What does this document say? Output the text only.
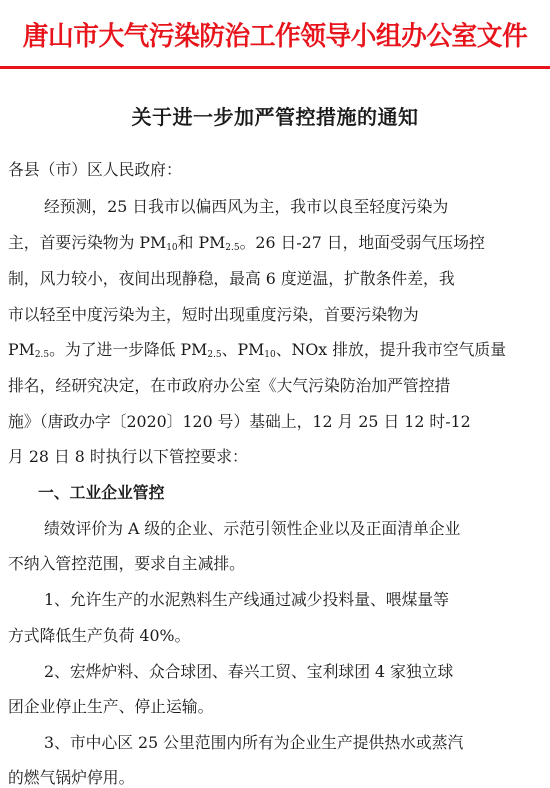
唐山市大气污染防治工作领导小组办公室文件
关于进一步加严管控措施的通知
各县（市）区人民政府：
经预测，25 日我市以偏西风为主，我市以良至轻度污染为
主，首要污染物为 $PM_{10}$和 $PM_{2.5}$。26 日-27 日，地面受弱气压场控
制，风力较小，夜间出现静稳，最高 6 度逆温，扩散条件差，我
市以轻至中度污染为主，短时出现重度污染，首要污染物为
$PM_{2.5}$。为了进一步降低 $PM_{2.5}$、$PM_{10}$、NOx 排放，提升我市空气质量
排名，经研究决定，在市政府办公室《大气污染防治加严管控措
施》（唐政办字〔2020〕120 号）基础上，12 月 25 日 12 时-12
月 28 日 8 时执行以下管控要求：
一、工业企业管控
绩效评价为 A 级的企业、示范引领性企业以及正面清单企业
不纳入管控范围，要求自主减排。
1、允许生产的水泥熟料生产线通过减少投料量、喂煤量等
方式降低生产负荷 40%。
2、宏烨炉料、众合球团、春兴工贸、宝利球团 4 家独立球
团企业停止生产、停止运输。
3、市中心区 25 公里范围内所有为企业生产提供热水或蒸汽
的燃气锅炉停用。
